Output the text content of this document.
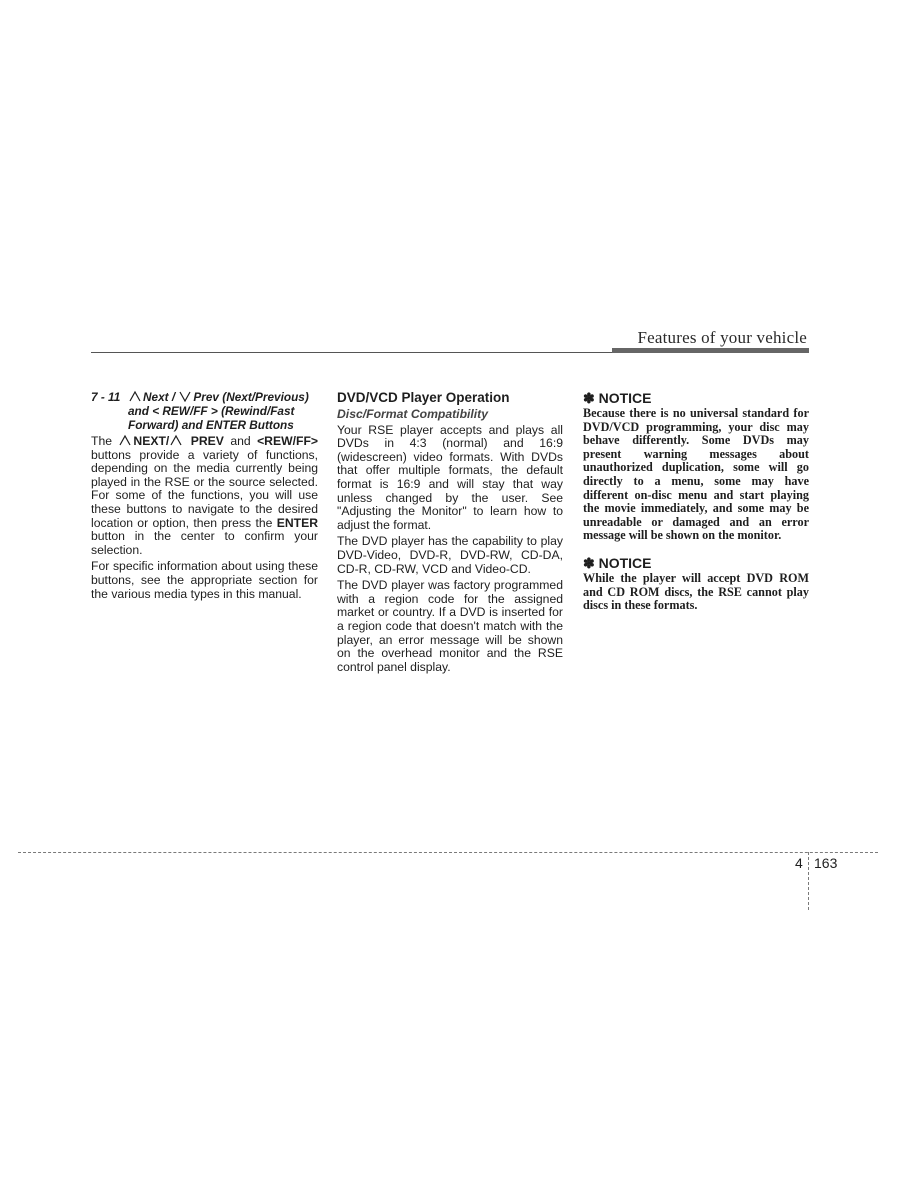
Features of your vehicle
7 - 11 Next / Prev (Next/Previous) and < REW/FF > (Rewind/Fast Forward) and ENTER Buttons

The NEXT/ PREV and <REW/FF> buttons provide a variety of functions, depending on the media currently being played in the RSE or the source selected. For some of the functions, you will use these buttons to navigate to the desired location or option, then press the ENTER button in the center to confirm your selection.

For specific information about using these buttons, see the appropriate section for the various media types in this manual.

DVD/VCD Player Operation
Disc/Format Compatibility

Your RSE player accepts and plays all DVDs in 4:3 (normal) and 16:9 (widescreen) video formats. With DVDs that offer multiple formats, the default format is 16:9 and will stay that way unless changed by the user. See "Adjusting the Monitor" to learn how to adjust the format.

The DVD player has the capability to play DVD-Video, DVD-R, DVD-RW, CD-DA, CD-R, CD-RW, VCD and Video-CD.

The DVD player was factory programmed with a region code for the assigned market or country. If a DVD is inserted for a region code that doesn't match with the player, an error message will be shown on the overhead monitor and the RSE control panel display.

✽ NOTICE
Because there is no universal standard for DVD/VCD programming, your disc may behave differently. Some DVDs may present warning messages about unauthorized duplication, some will go directly to a menu, some may have different on-disc menu and start playing the movie immediately, and some may be unreadable or damaged and an error message will be shown on the monitor.
✽ NOTICE
While the player will accept DVD ROM and CD ROM discs, the RSE cannot play discs in these formats.
4 163
